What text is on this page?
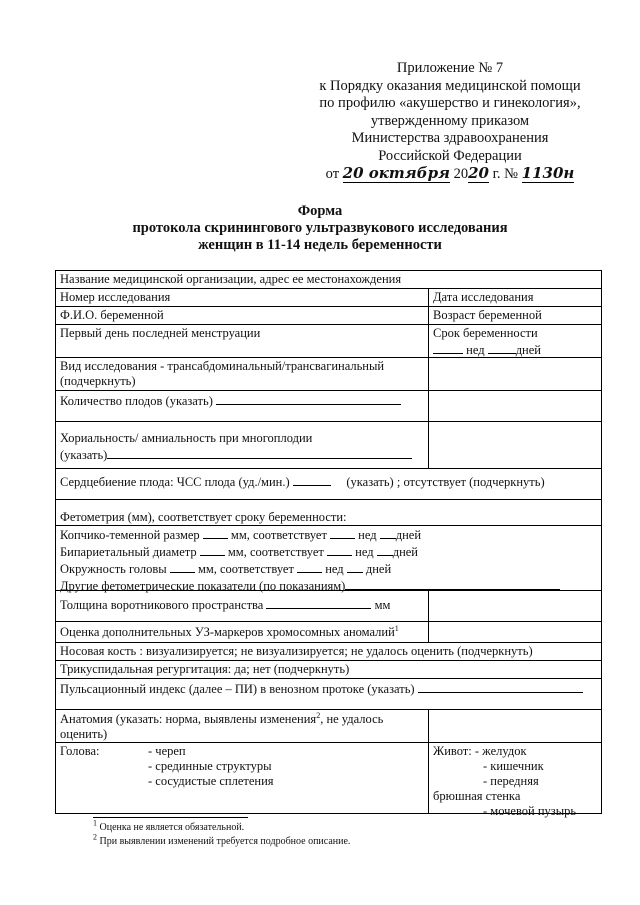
Приложение № 7
к Порядку оказания медицинской помощи
по профилю «акушерство и гинекология»,
утвержденному приказом
Министерства здравоохранения
Российской Федерации
от 20 октября 2020 г. № 1130н
Форма
протокола скринингового ультразвукового исследования
женщин в 11-14 недель беременности
Название медицинской организации, адрес ее местонахождения
Номер исследования	Дата исследования
Ф.И.О. беременной	Возраст беременной
Первый день последней менструации	Срок беременности
нед дней
Вид исследования - трансабдоминальный/трансвагинальный
(подчеркнуть)
Количество плодов (указать)
Хориальность/ амниальность при многоплодии
(указать)
Сердцебиение плода: ЧСС плода (уд./мин.)	(указать) ; отсутствует (подчеркнуть)
Фетометрия (мм), соответствует сроку беременности:
Копчико-теменной размер	мм, соответствует	нед дней
Бипариетальный диаметр	мм, соответствует	нед дней
Окружность головы	мм, соответствует	нед дней
Другие фетометрические показатели (по показаниям)
Толщина воротникового пространства	мм
Оценка дополнительных УЗ-маркеров хромосомных аномалий$^1$
Носовая кость : визуализируется; не визуализируется; не удалось оценить (подчеркнуть)
Трикуспидальная регургитация: да; нет (подчеркнуть)
Пульсационный индекс (далее – ПИ) в венозном протоке (указать)
Анатомия (указать: норма, выявлены изменения$^2$, не удалось
оценить)
Голова:	- череп
- срединные структуры
- сосудистые сплетения
Живот: - желудок
- кишечник
- передняя
брюшная стенка
- мочевой пузырь
$^1$ Оценка не является обязательной.
$^2$ При выявлении изменений требуется подробное описание.
